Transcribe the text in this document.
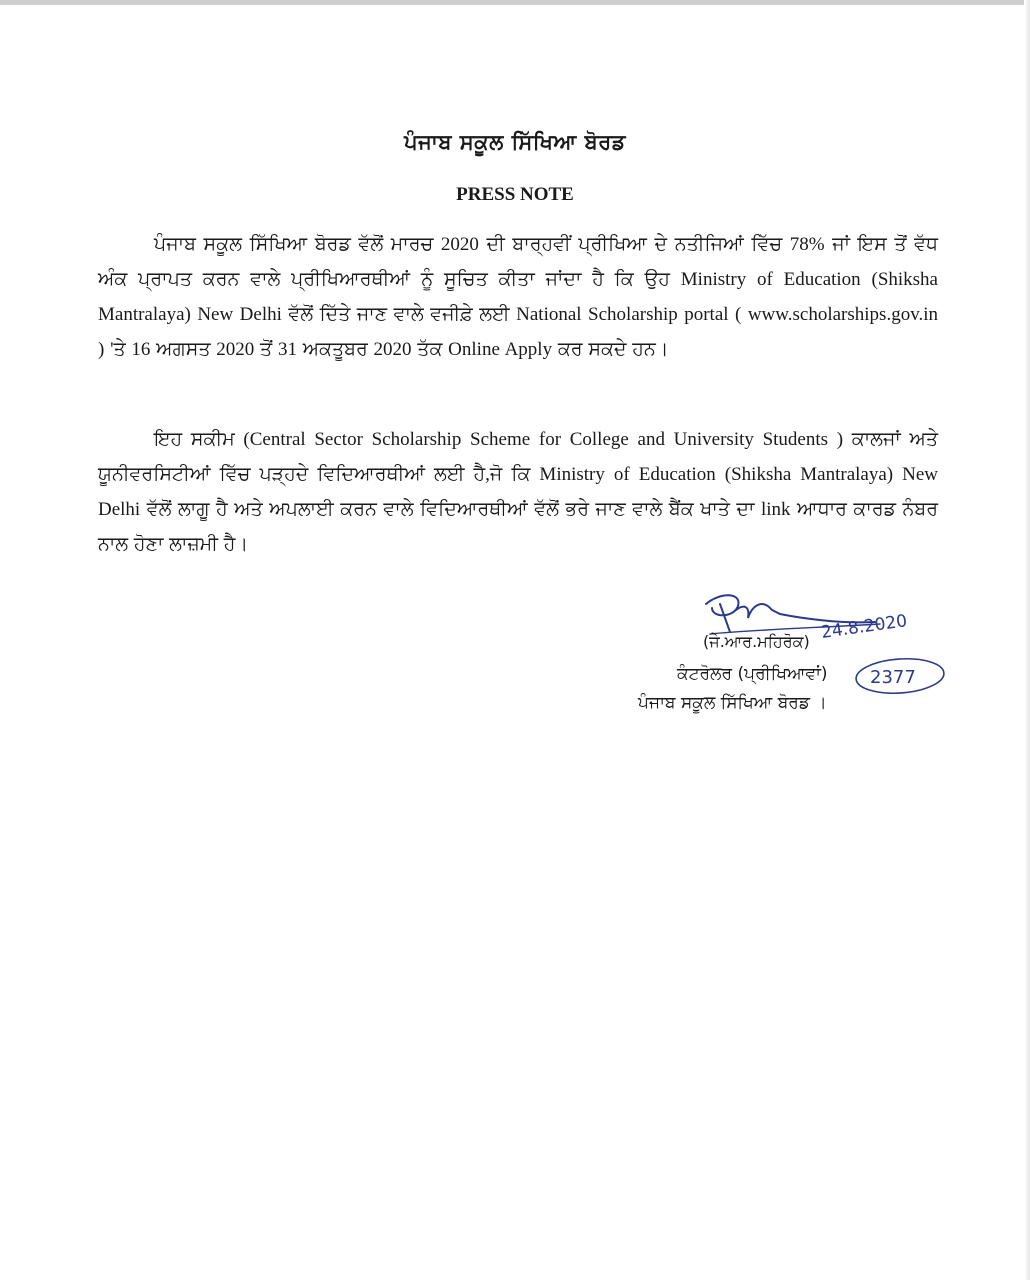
ਪੰਜਾਬ ਸਕੂਲ ਸਿੱਖਿਆ ਬੋਰਡ
PRESS NOTE

ਪੰਜਾਬ ਸਕੂਲ ਸਿੱਖਿਆ ਬੋਰਡ ਵੱਲੋਂ ਮਾਰਚ 2020 ਦੀ ਬਾਰ੍ਹਵੀਂ ਪ੍ਰੀਖਿਆ ਦੇ ਨਤੀਜਿਆਂ ਵਿੱਚ 78% ਜਾਂ ਇਸ ਤੋਂ ਵੱਧ ਅੰਕ ਪ੍ਰਾਪਤ ਕਰਨ ਵਾਲੇ ਪ੍ਰੀਖਿਆਰਥੀਆਂ ਨੂੰ ਸੂਚਿਤ ਕੀਤਾ ਜਾਂਦਾ ਹੈ ਕਿ ਉਹ Ministry of Education (Shiksha Mantralaya) New Delhi ਵੱਲੋਂ ਦਿੱਤੇ ਜਾਣ ਵਾਲੇ ਵਜੀਫ਼ੇ ਲਈ National Scholarship portal ( www.scholarships.gov.in ) 'ਤੇ 16 ਅਗਸਤ 2020 ਤੋਂ 31 ਅਕਤੂਬਰ 2020 ਤੱਕ Online Apply ਕਰ ਸਕਦੇ ਹਨ।

ਇਹ ਸਕੀਮ (Central Sector Scholarship Scheme for College and University Students ) ਕਾਲਜਾਂ ਅਤੇ ਯੂਨੀਵਰਸਿਟੀਆਂ ਵਿੱਚ ਪੜ੍ਹਦੇ ਵਿਦਿਆਰਥੀਆਂ ਲਈ ਹੈ,ਜੋ ਕਿ Ministry of Education (Shiksha Mantralaya) New Delhi ਵੱਲੋਂ ਲਾਗੂ ਹੈ ਅਤੇ ਅਪਲਾਈ ਕਰਨ ਵਾਲੇ ਵਿਦਿਆਰਥੀਆਂ ਵੱਲੋਂ ਭਰੇ ਜਾਣ ਵਾਲੇ ਬੈਂਕ ਖਾਤੇ ਦਾ link ਆਧਾਰ ਕਾਰਡ ਨੰਬਰ ਨਾਲ ਹੋਣਾ ਲਾਜ਼ਮੀ ਹੈ।

24.8.2020
(ਜੇ.ਆਰ.ਮਹਿਰੋਕ)
ਕੰਟਰੋਲਰ (ਪ੍ਰੀਖਿਆਵਾਂ)
ਪੰਜਾਬ ਸਕੂਲ ਸਿੱਖਿਆ ਬੋਰਡ ।
2377
